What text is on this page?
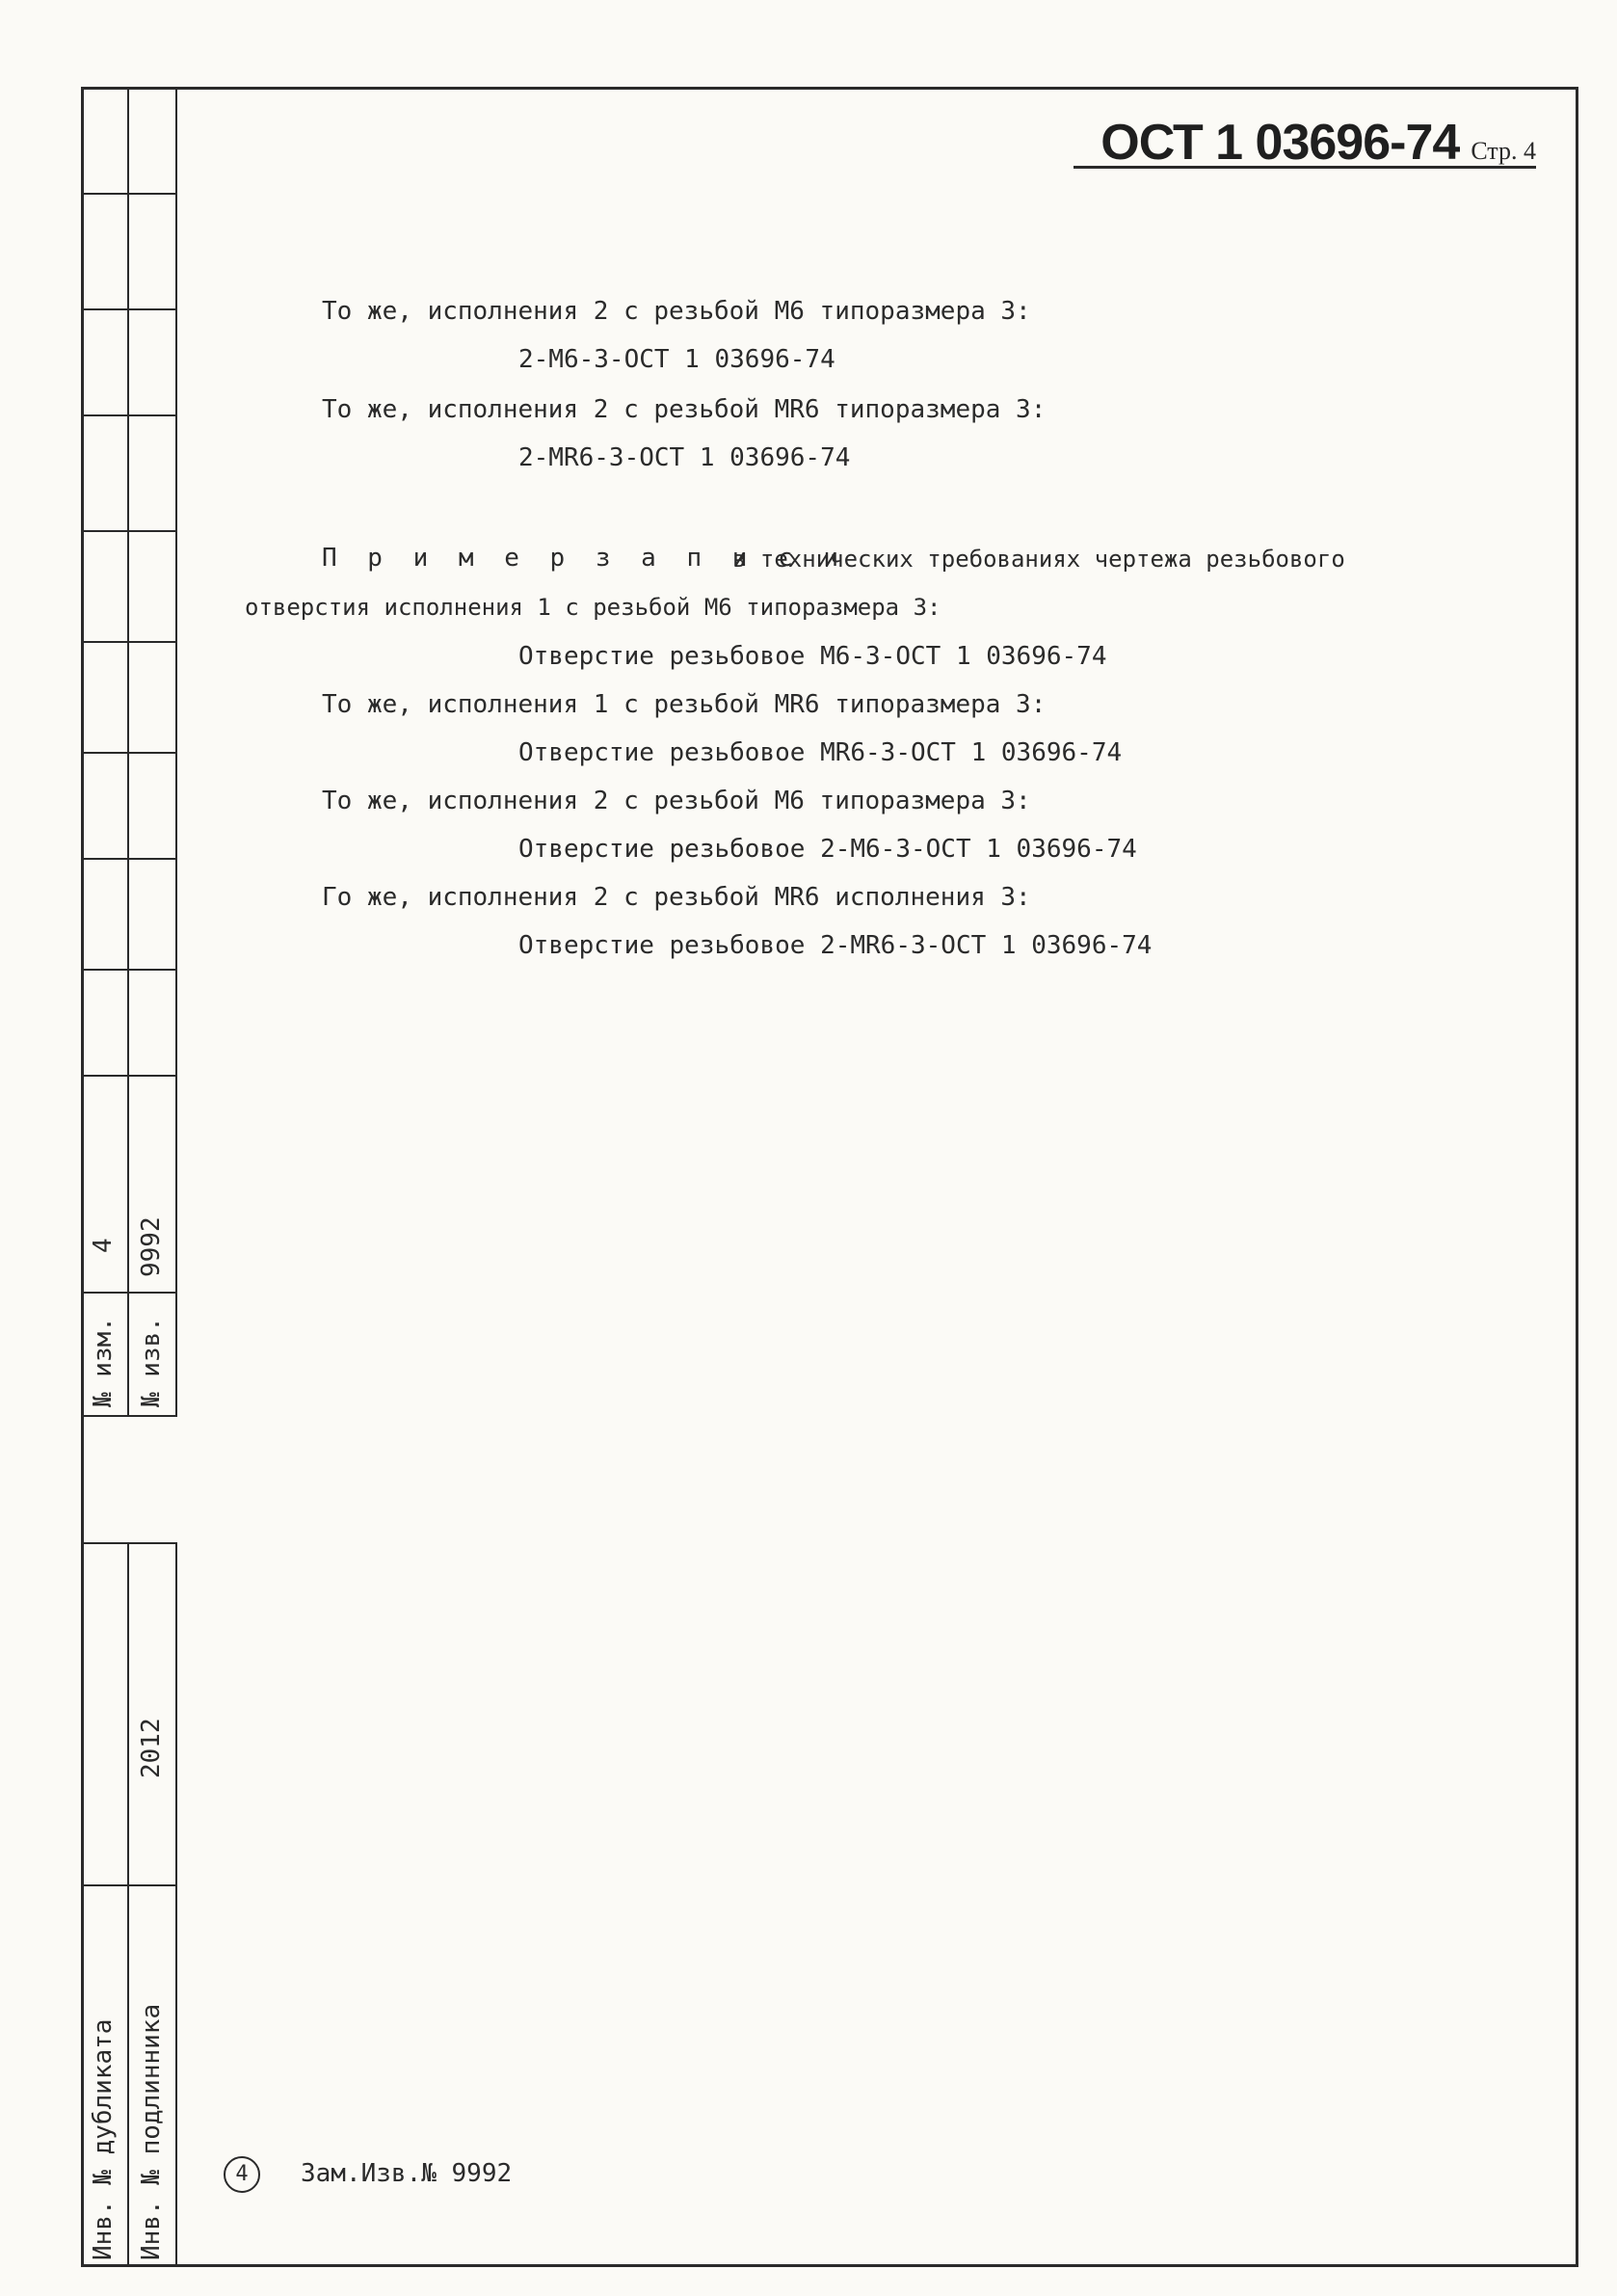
4 9992
№ изм. № изв.
2012
Инв. № дубликата Инв. № подлинника
ОСТ 1 03696-74 Стр. 4
То же, исполнения 2 с резьбой М6 типоразмера 3:
2-М6-3-ОСТ 1 03696-74
То же, исполнения 2 с резьбой MR6 типоразмера 3:
2-MR6-3-ОСТ 1 03696-74
П р и м е р з а п и с и
в технических требованиях чертежа резьбового
отверстия исполнения 1 с резьбой М6 типоразмера 3:
Отверстие резьбовое М6-3-ОСТ 1 03696-74
То же, исполнения 1 с резьбой MR6 типоразмера 3:
Отверстие резьбовое MR6-3-ОСТ 1 03696-74
То же, исполнения 2 с резьбой М6 типоразмера 3:
Отверстие резьбовое 2-М6-3-ОСТ 1 03696-74
Го же, исполнения 2 с резьбой MR6 исполнения 3:
Отверстие резьбовое 2-MR6-3-ОСТ 1 03696-74
4	Зам.Изв.№ 9992
